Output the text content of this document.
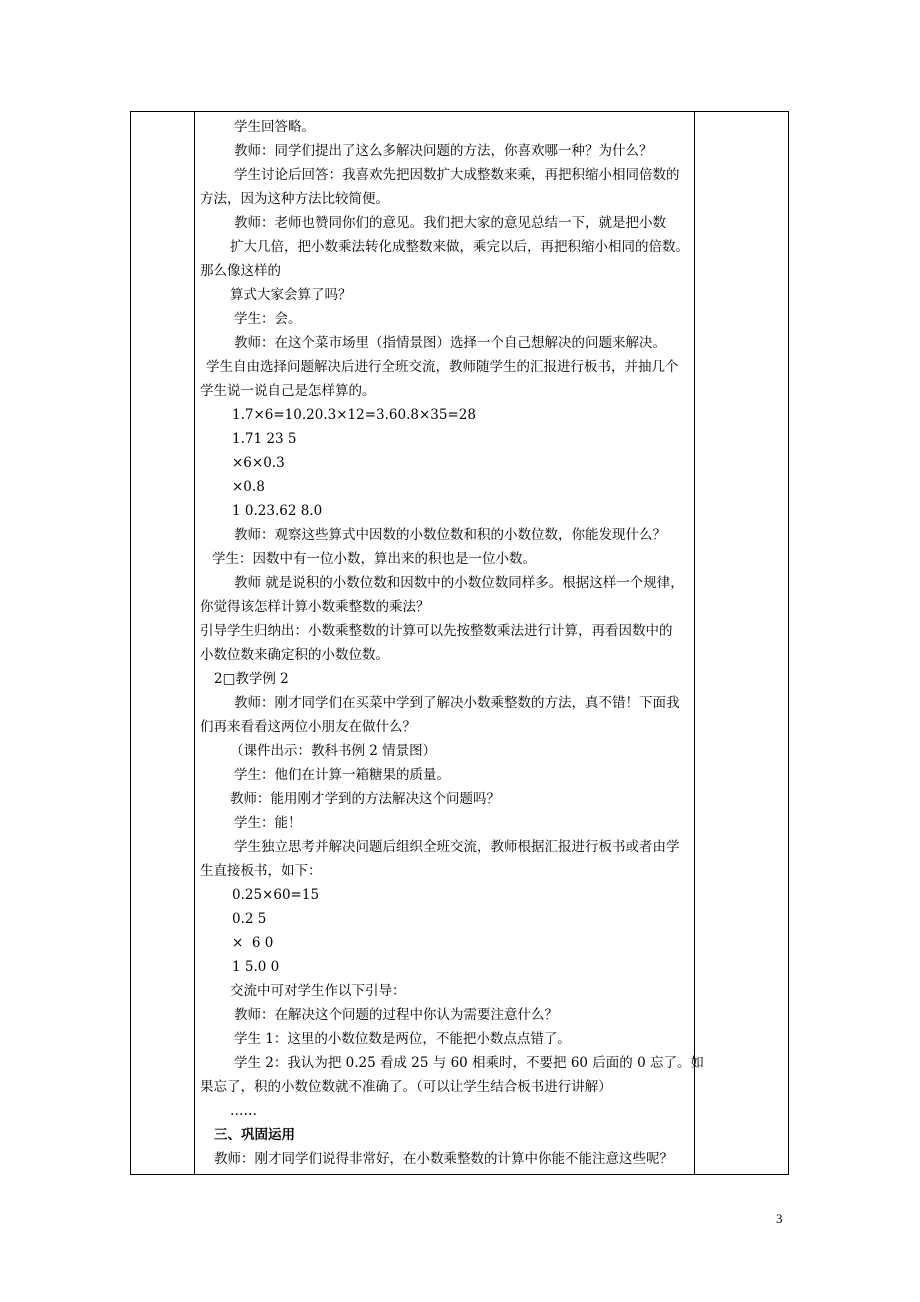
学生回答略。
教师：同学们提出了这么多解决问题的方法，你喜欢哪一种？为什么？
学生讨论后回答：我喜欢先把因数扩大成整数来乘，再把积缩小相同倍数的
方法，因为这种方法比较简便。
教师：老师也赞同你们的意见。我们把大家的意见总结一下，就是把小数
扩大几倍，把小数乘法转化成整数来做，乘完以后，再把积缩小相同的倍数。
那么像这样的
算式大家会算了吗？
学生：会。
教师：在这个菜市场里（指情景图）选择一个自己想解决的问题来解决。
学生自由选择问题解决后进行全班交流，教师随学生的汇报进行板书，并抽几个
学生说一说自己是怎样算的。
1.7×6=10.20.3×12=3.60.8×35=28
1.71 23 5
×6×0.3
×0.8
1 0.23.62 8.0
教师：观察这些算式中因数的小数位数和积的小数位数，你能发现什么？
学生：因数中有一位小数，算出来的积也是一位小数。
教师 就是说积的小数位数和因数中的小数位数同样多。根据这样一个规律，
你觉得该怎样计算小数乘整数的乘法？
引导学生归纳出：小数乘整数的计算可以先按整数乘法进行计算，再看因数中的
小数位数来确定积的小数位数。
2□教学例 2
教师：刚才同学们在买菜中学到了解决小数乘整数的方法，真不错！下面我
们再来看看这两位小朋友在做什么？
（课件出示：教科书例 2 情景图）
学生：他们在计算一箱糖果的质量。
教师：能用刚才学到的方法解决这个问题吗？
学生：能！
学生独立思考并解决问题后组织全班交流，教师根据汇报进行板书或者由学
生直接板书，如下：
0.25×60=15
0.2 5
×  6 0
1 5.0 0
交流中可对学生作以下引导：
教师：在解决这个问题的过程中你认为需要注意什么？
学生 1：这里的小数位数是两位，不能把小数点点错了。
学生 2：我认为把 0.25 看成 25 与 60 相乘时，不要把 60 后面的 0 忘了。如
果忘了，积的小数位数就不准确了。（可以让学生结合板书进行讲解）
……
三、巩固运用
教师：刚才同学们说得非常好，在小数乘整数的计算中你能不能注意这些呢？
3
